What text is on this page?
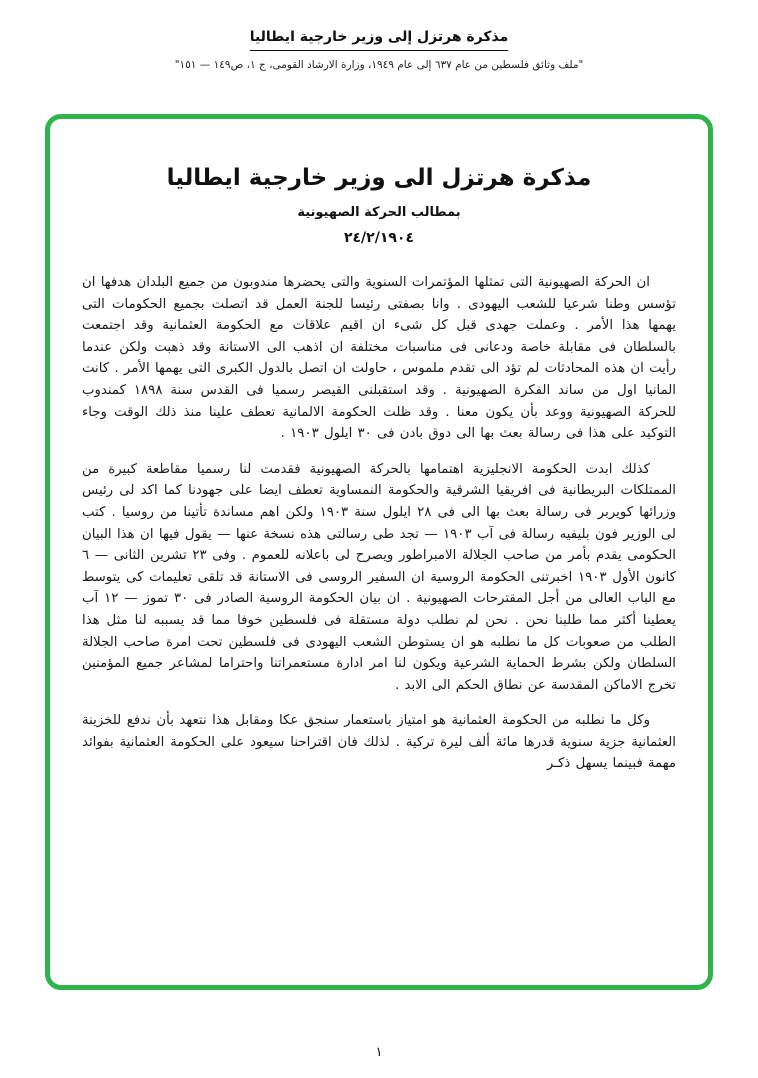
مذكرة هرتزل إلى وزير خارجية ايطاليا
"ملف وثائق فلسطين من عام ٦٣٧ إلى عام ١٩٤٩، وزارة الارشاد القومى، ج ١، ص١٤٩ — ١٥١"
مذكرة هرتزل الى وزير خارجية ايطاليا
بمطالب الحركة الصهيونية
٢٤/٢/١٩٠٤

ان الحركة الصهيونية التى تمثلها المؤتمرات السنوية والتى يحضرها مندوبون من جميع البلدان هدفها ان تؤسس وطنا شرعيا للشعب اليهودى . وانا بصفتى رئيسا للجنة العمل قد اتصلت بجميع الحكومات التى يهمها هذا الأمر . وعملت جهدى قبل كل شىء ان اقيم علاقات مع الحكومة العثمانية وقد اجتمعت بالسلطان فى مقابلة خاصة ودعانى فى مناسبات مختلفة ان اذهب الى الاستانة وقد ذهبت ولكن عندما رأيت ان هذه المحادثات لم تؤد الى تقدم ملموس ، حاولت ان اتصل بالدول الكبرى التى يهمها الأمر . كانت المانيا اول من ساند الفكرة الصهيونية . وقد استقبلنى القيصر رسميا فى القدس سنة ١٨٩٨ كمندوب للحركة الصهيونية ووعد بأن يكون معنا . وقد ظلت الحكومة الالمانية تعطف علينا منذ ذلك الوقت وجاء التوكيد على هذا فى رسالة بعث بها الى دوق بادن فى ٣٠ ايلول ١٩٠٣ .

كذلك ابدت الحكومة الانجليزية اهتمامها بالحركة الصهيونية فقدمت لنا رسميا مقاطعة كبيرة من الممتلكات البريطانية فى افريقيا الشرقية والحكومة النمساوية تعطف ايضا على جهودنا كما اكد لى رئيس وزرائها كويربر فى رسالة بعث بها الى فى ٢٨ ايلول سنة ١٩٠٣ ولكن اهم مساندة تأتينا من روسيا . كتب لى الوزير فون بليفيه رسالة فى آب ١٩٠٣ — تجد طى رسالتى هذه نسخة عنها — يقول فيها ان هذا البيان الحكومى يقدم بأمر من صاحب الجلالة الامبراطور ويصرح لى باعلانه للعموم . وفى ٢٣ تشرين الثانى — ٦ كانون الأول ١٩٠٣ اخبرتنى الحكومة الروسية ان السفير الروسى فى الاستانة قد تلقى تعليمات كى يتوسط مع الباب العالى من أجل المقترحات الصهيونية . ان بيان الحكومة الروسية الصادر فى ٣٠ تموز — ١٢ آب يعطينا أكثر مما طلبنا نحن . نحن لم نطلب دولة مستقلة فى فلسطين خوفا مما قد يسببه لنا مثل هذا الطلب من صعوبات كل ما نطلبه هو ان يستوطن الشعب اليهودى فى فلسطين تحت امرة صاحب الجلالة السلطان ولكن بشرط الحماية الشرعية ويكون لنا امر ادارة مستعمراتنا واحتراما لمشاعر جميع المؤمنين تخرج الاماكن المقدسة عن نطاق الحكم الى الابد .

وكل ما نطلبه من الحكومة العثمانية هو امتياز باستعمار سنجق عكا ومقابل هذا نتعهد بأن ندفع للخزينة العثمانية جزية سنوية قدرها مائة ألف ليرة تركية . لذلك فان اقتراحنا سيعود على الحكومة العثمانية بفوائد مهمة فبينما يسهل ذكـر

١
